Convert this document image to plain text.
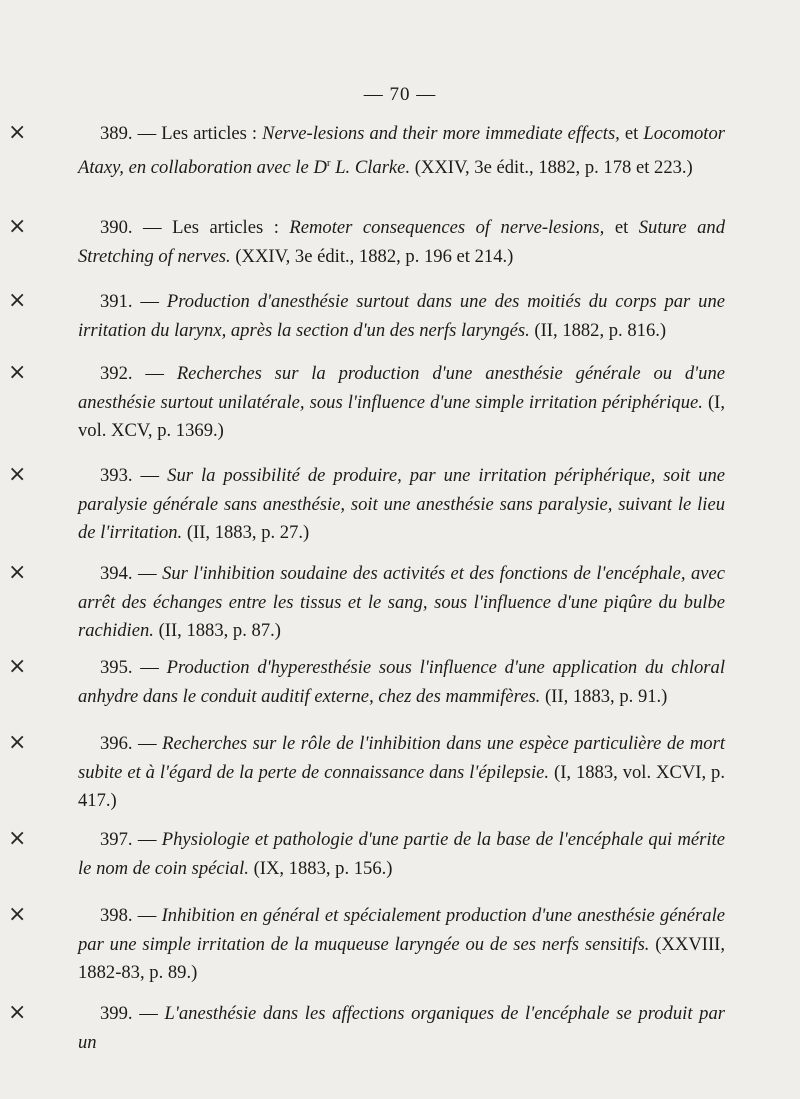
— 70 —
×	389. — Les articles : Nerve-lesions and their more immediate effects, et Locomotor Ataxy, en collaboration avec le $D^r$ L. Clarke. (XXIV, 3e édit., 1882, p. 178 et 223.)
×	390. — Les articles : Remoter consequences of nerve-lesions, et Suture and Stretching of nerves. (XXIV, 3e édit., 1882, p. 196 et 214.)
×	391. — Production d'anesthésie surtout dans une des moitiés du corps par une irritation du larynx, après la section d'un des nerfs laryngés. (II, 1882, p. 816.)
×	392. — Recherches sur la production d'une anesthésie générale ou d'une anesthésie surtout unilatérale, sous l'influence d'une simple irritation périphérique. (I, vol. XCV, p. 1369.)
×	393. — Sur la possibilité de produire, par une irritation périphérique, soit une paralysie générale sans anesthésie, soit une anesthésie sans paralysie, suivant le lieu de l'irritation. (II, 1883, p. 27.)
×	394. — Sur l'inhibition soudaine des activités et des fonctions de l'encéphale, avec arrêt des échanges entre les tissus et le sang, sous l'influence d'une piqûre du bulbe rachidien. (II, 1883, p. 87.)
×	395. — Production d'hyperesthésie sous l'influence d'une application du chloral anhydre dans le conduit auditif externe, chez des mammifères. (II, 1883, p. 91.)
×	396. — Recherches sur le rôle de l'inhibition dans une espèce particulière de mort subite et à l'égard de la perte de connaissance dans l'épilepsie. (I, 1883, vol. XCVI, p. 417.)
×	397. — Physiologie et pathologie d'une partie de la base de l'encéphale qui mérite le nom de coin spécial. (IX, 1883, p. 156.)
×	398. — Inhibition en général et spécialement production d'une anesthésie générale par une simple irritation de la muqueuse laryngée ou de ses nerfs sensitifs. (XXVIII, 1882-83, p. 89.)
×	399. — L'anesthésie dans les affections organiques de l'encéphale se produit par un
